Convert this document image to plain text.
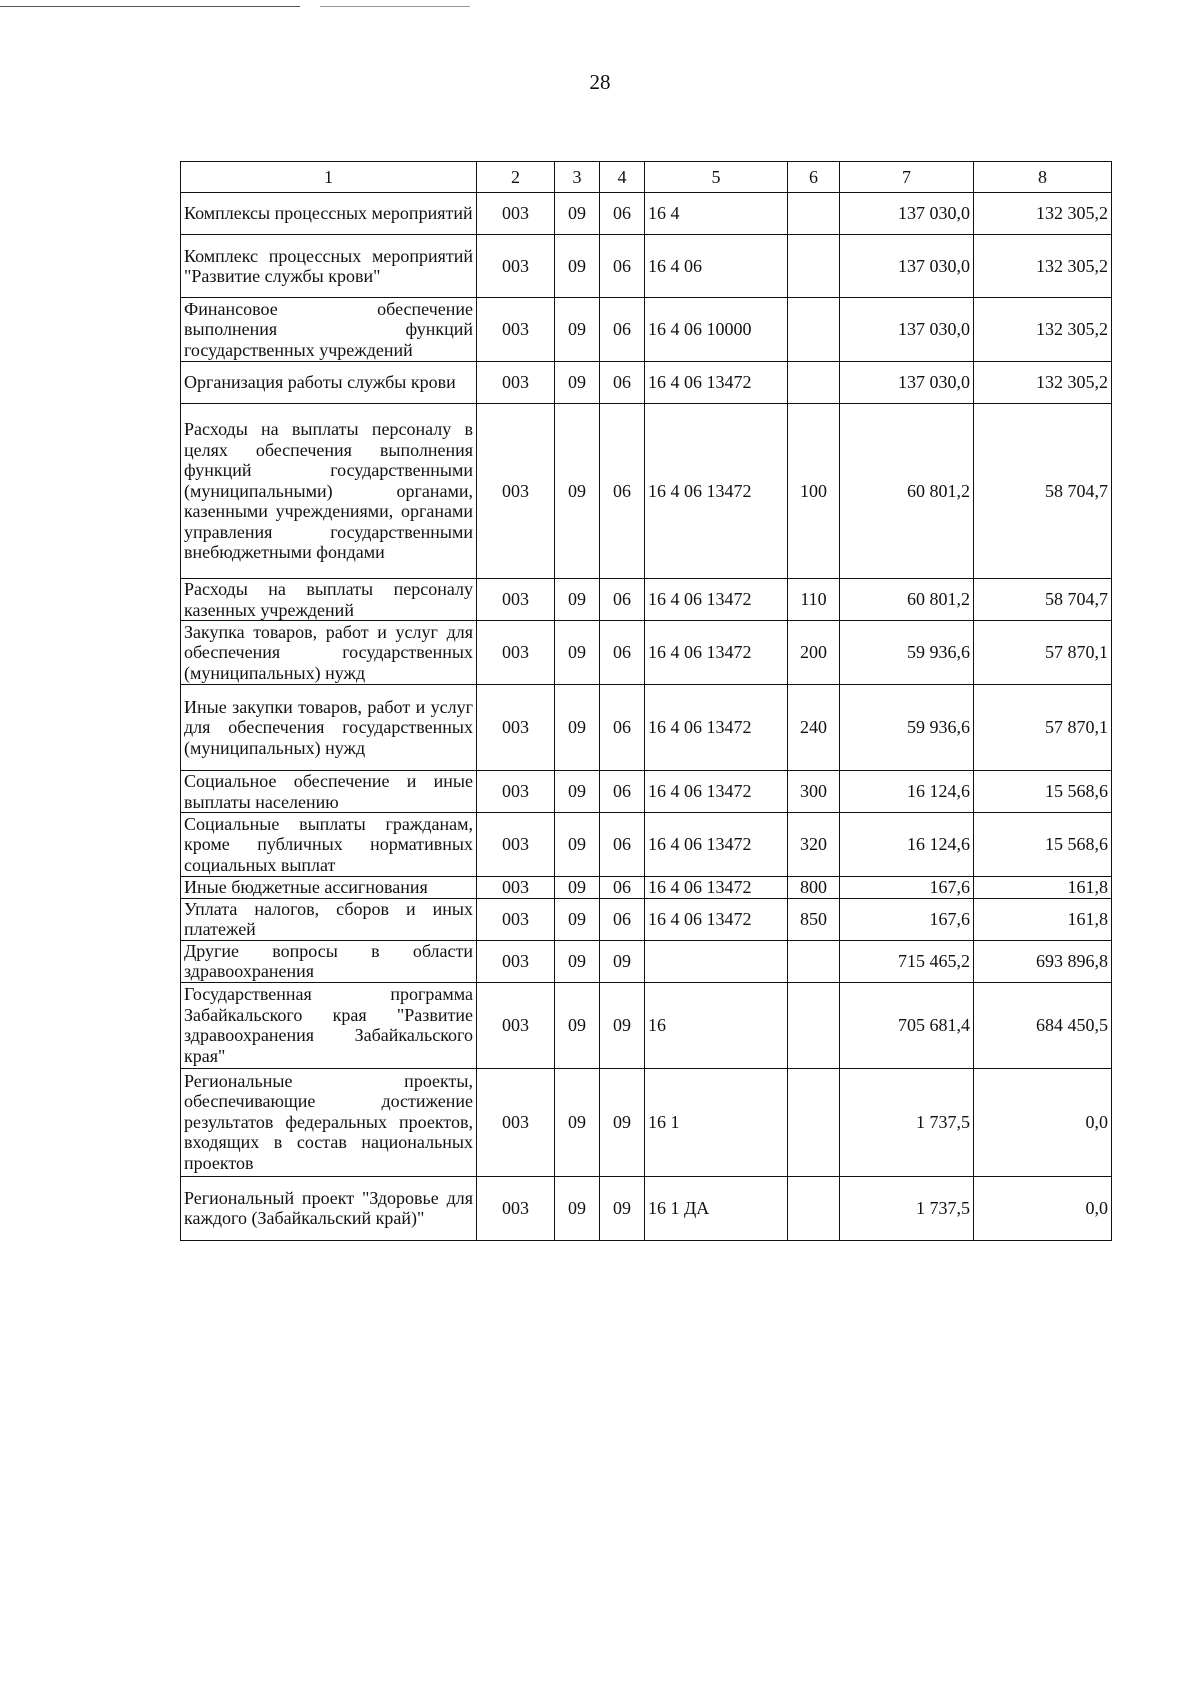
28
1	2	3	4	5	6	7	8
Комплексы процессных мероприятий	003	09	06	16 4		137 030,0	132 305,2
Комплекс процессных мероприятий "Развитие службы крови"	003	09	06	16 4 06		137 030,0	132 305,2
Финансовое обеспечение выполнения функций государственных учреждений	003	09	06	16 4 06 10000		137 030,0	132 305,2
Организация работы службы крови	003	09	06	16 4 06 13472		137 030,0	132 305,2
Расходы на выплаты персоналу в целях обеспечения выполнения функций государственными (муниципальными) органами, казенными учреждениями, органами управления государственными внебюджетными фондами	003	09	06	16 4 06 13472	100	60 801,2	58 704,7
Расходы на выплаты персоналу казенных учреждений	003	09	06	16 4 06 13472	110	60 801,2	58 704,7
Закупка товаров, работ и услуг для обеспечения государственных (муниципальных) нужд	003	09	06	16 4 06 13472	200	59 936,6	57 870,1
Иные закупки товаров, работ и услуг для обеспечения государственных (муниципальных) нужд	003	09	06	16 4 06 13472	240	59 936,6	57 870,1
Социальное обеспечение и иные выплаты населению	003	09	06	16 4 06 13472	300	16 124,6	15 568,6
Социальные выплаты гражданам, кроме публичных нормативных социальных выплат	003	09	06	16 4 06 13472	320	16 124,6	15 568,6
Иные бюджетные ассигнования	003	09	06	16 4 06 13472	800	167,6	161,8
Уплата налогов, сборов и иных платежей	003	09	06	16 4 06 13472	850	167,6	161,8
Другие вопросы в области здравоохранения	003	09	09			715 465,2	693 896,8
Государственная программа Забайкальского края "Развитие здравоохранения Забайкальского края"	003	09	09	16		705 681,4	684 450,5
Региональные проекты, обеспечивающие достижение результатов федеральных проектов, входящих в состав национальных проектов	003	09	09	16 1		1 737,5	0,0
Региональный проект "Здоровье для каждого (Забайкальский край)"	003	09	09	16 1 ДА		1 737,5	0,0
